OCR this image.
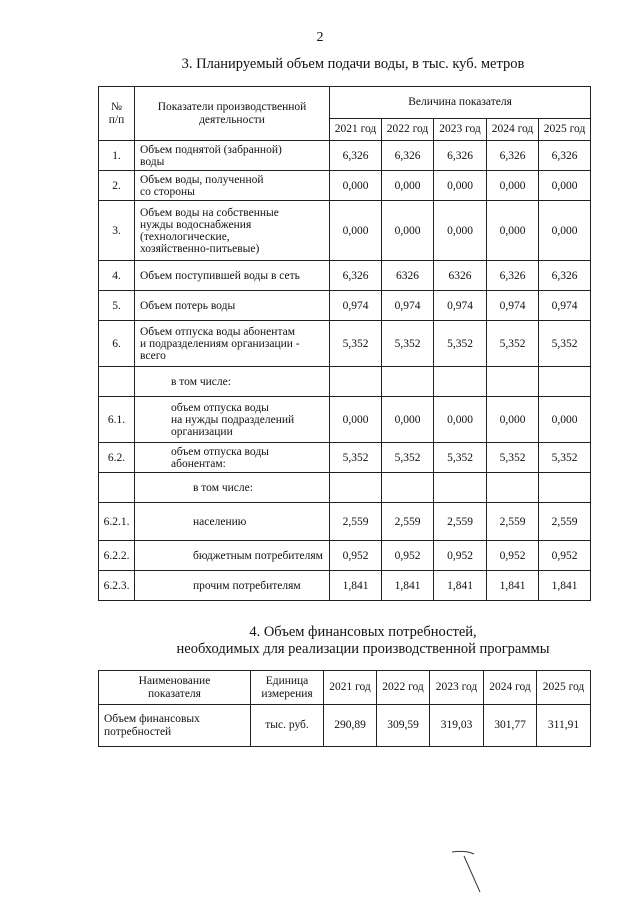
2
3. Планируемый объем подачи воды, в тыс. куб. метров
№
п/п	Показатели производственной
деятельности	Величина показателя				
		2021 год	2022 год	2023 год	2024 год	2025 год
1.	Объем поднятой (забранной)
воды	6,326	6,326	6,326	6,326	6,326
2.	Объем воды, полученной
со стороны	0,000	0,000	0,000	0,000	0,000
3.	Объем воды на собственные
нужды водоснабжения
(технологические,
хозяйственно-питьевые)	0,000	0,000	0,000	0,000	0,000
4.	Объем поступившей воды в сеть	6,326	6326	6326	6,326	6,326
5.	Объем потерь воды	0,974	0,974	0,974	0,974	0,974
6.	Объем отпуска воды абонентам
и подразделениям организации -
всего	5,352	5,352	5,352	5,352	5,352
	в том числе:					
6.1.	объем отпуска воды
на нужды подразделений
организации	0,000	0,000	0,000	0,000	0,000
6.2.	объем отпуска воды
абонентам:	5,352	5,352	5,352	5,352	5,352
	в том числе:					
6.2.1.	населению	2,559	2,559	2,559	2,559	2,559
6.2.2.	бюджетным потребителям	0,952	0,952	0,952	0,952	0,952
6.2.3.	прочим потребителям	1,841	1,841	1,841	1,841	1,841
4. Объем финансовых потребностей,
необходимых для реализации производственной программы
Наименование
показателя	Единица
измерения	2021 год	2022 год	2023 год	2024 год	2025 год
Объем финансовых
потребностей	тыс. руб.	290,89	309,59	319,03	301,77	311,91
